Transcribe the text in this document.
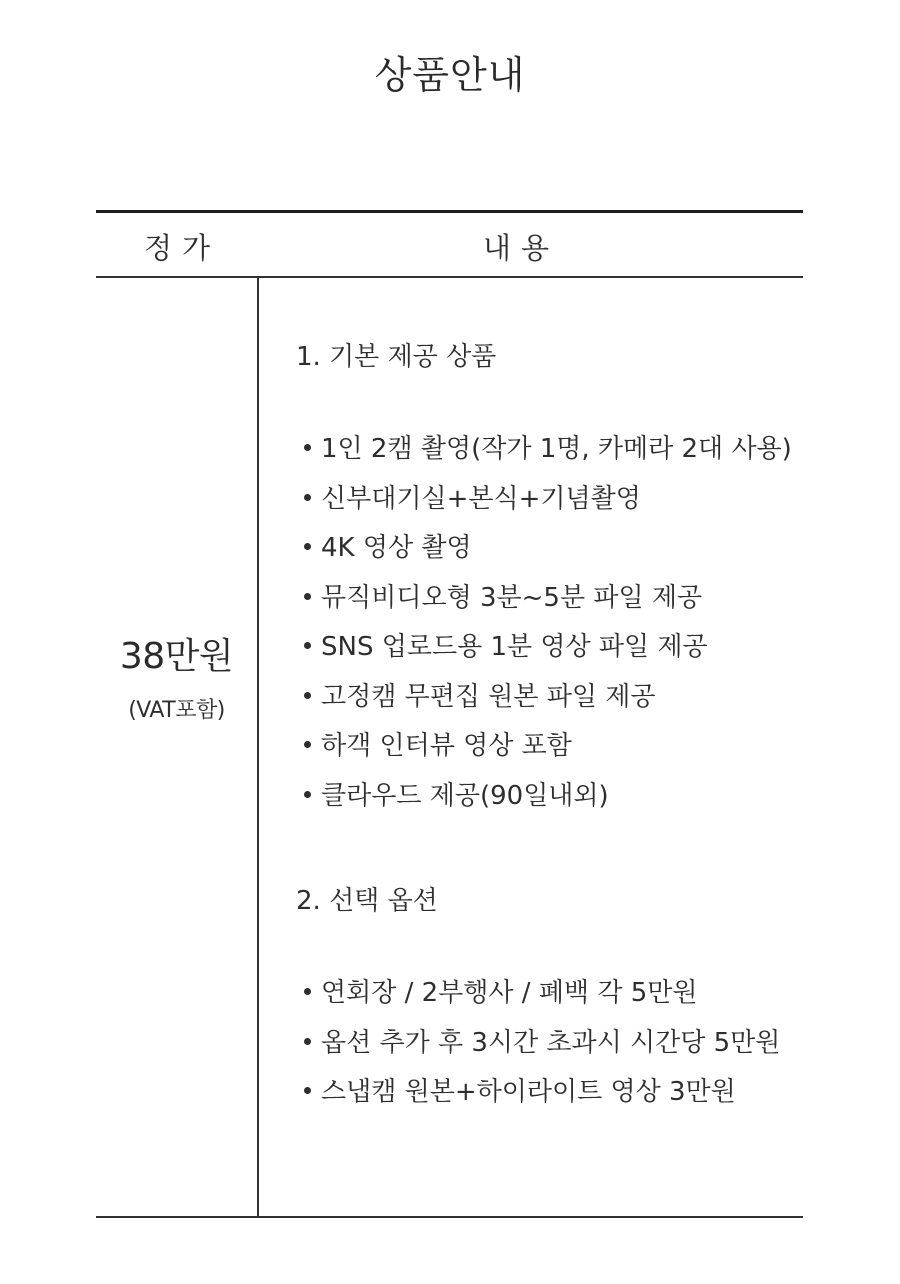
상품안내
정가	내용
38만원
(VAT포함)
1. 기본 제공 상품
1인 2캠 촬영(작가 1명, 카메라 2대 사용)
신부대기실+본식+기념촬영
4K 영상 촬영
뮤직비디오형 3분~5분 파일 제공
SNS 업로드용 1분 영상 파일 제공
고정캠 무편집 원본 파일 제공
하객 인터뷰 영상 포함
클라우드 제공(90일내외)
2. 선택 옵션
연회장 / 2부행사 / 폐백 각 5만원
옵션 추가 후 3시간 초과시 시간당 5만원
스냅캠 원본+하이라이트 영상 3만원
